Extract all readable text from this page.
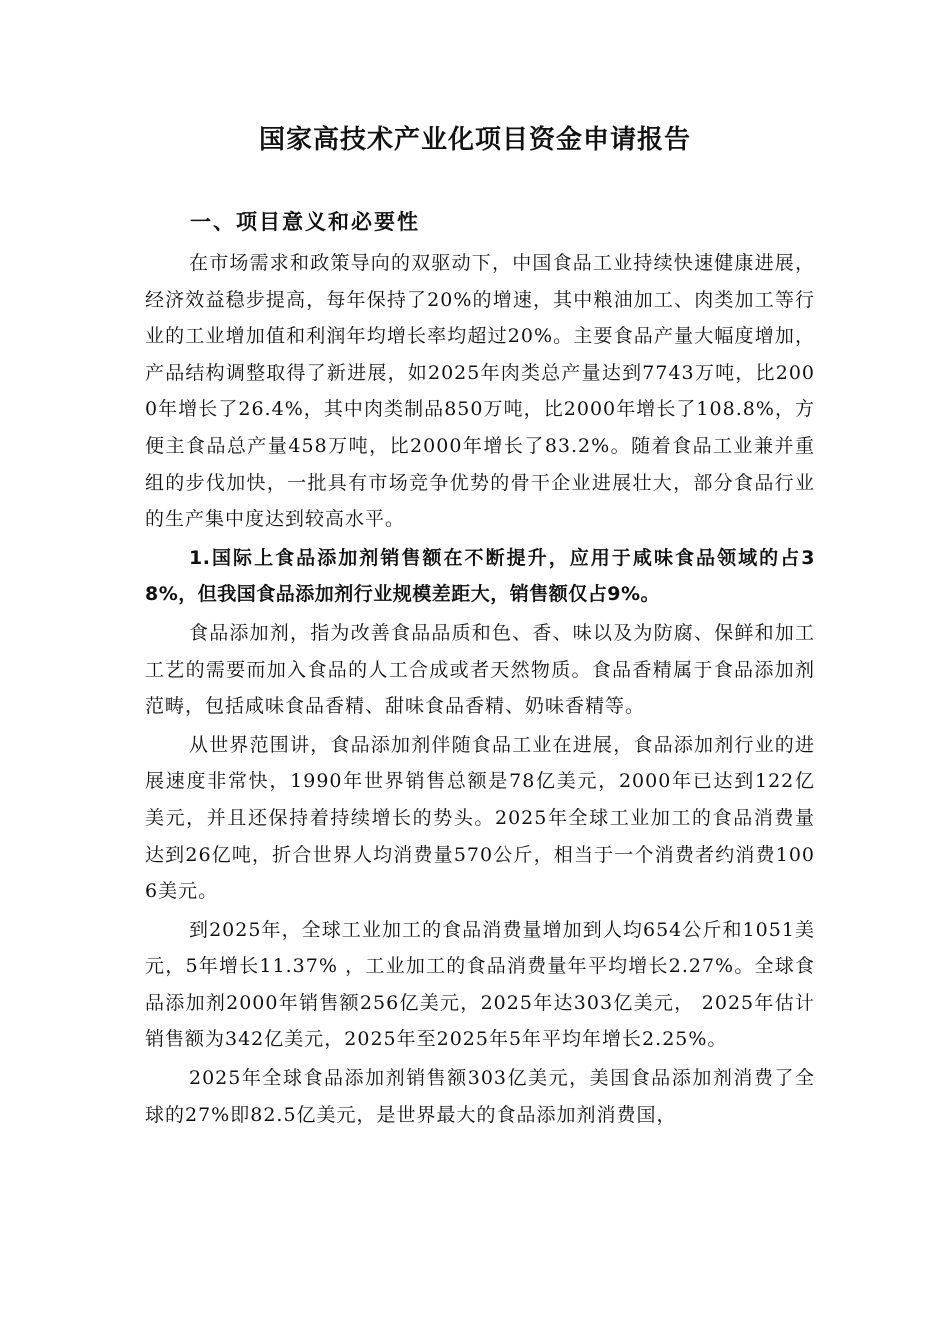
国家高技术产业化项目资金申请报告
一、项目意义和必要性

在市场需求和政策导向的双驱动下，中国食品工业持续快速健康进展，经济效益稳步提高，每年保持了20%的增速，其中粮油加工、肉类加工等行业的工业增加值和利润年均增长率均超过20%。主要食品产量大幅度增加，产品结构调整取得了新进展，如2025年肉类总产量达到7743万吨，比2000年增长了26.4%，其中肉类制品850万吨，比2000年增长了108.8%，方便主食品总产量458万吨，比2000年增长了83.2%。随着食品工业兼并重组的步伐加快，一批具有市场竞争优势的骨干企业进展壮大，部分食品行业的生产集中度达到较高水平。

1.国际上食品添加剂销售额在不断提升，应用于咸味食品领域的占38%，但我国食品添加剂行业规模差距大，销售额仅占9%。

食品添加剂，指为改善食品品质和色、香、味以及为防腐、保鲜和加工工艺的需要而加入食品的人工合成或者天然物质。食品香精属于食品添加剂范畴，包括咸味食品香精、甜味食品香精、奶味香精等。

从世界范围讲，食品添加剂伴随食品工业在进展，食品添加剂行业的进展速度非常快，1990年世界销售总额是78亿美元，2000年已达到122亿美元，并且还保持着持续增长的势头。2025年全球工业加工的食品消费量达到26亿吨，折合世界人均消费量570公斤，相当于一个消费者约消费1006美元。

到2025年，全球工业加工的食品消费量增加到人均654公斤和1051美元，5年增长11.37% ，工业加工的食品消费量年平均增长2.27%。全球食品添加剂2000年销售额256亿美元，2025年达303亿美元， 2025年估计销售额为342亿美元，2025年至2025年5年平均年增长2.25%。

2025年全球食品添加剂销售额303亿美元，美国食品添加剂消费了全球的27%即82.5亿美元，是世界最大的食品添加剂消费国，
